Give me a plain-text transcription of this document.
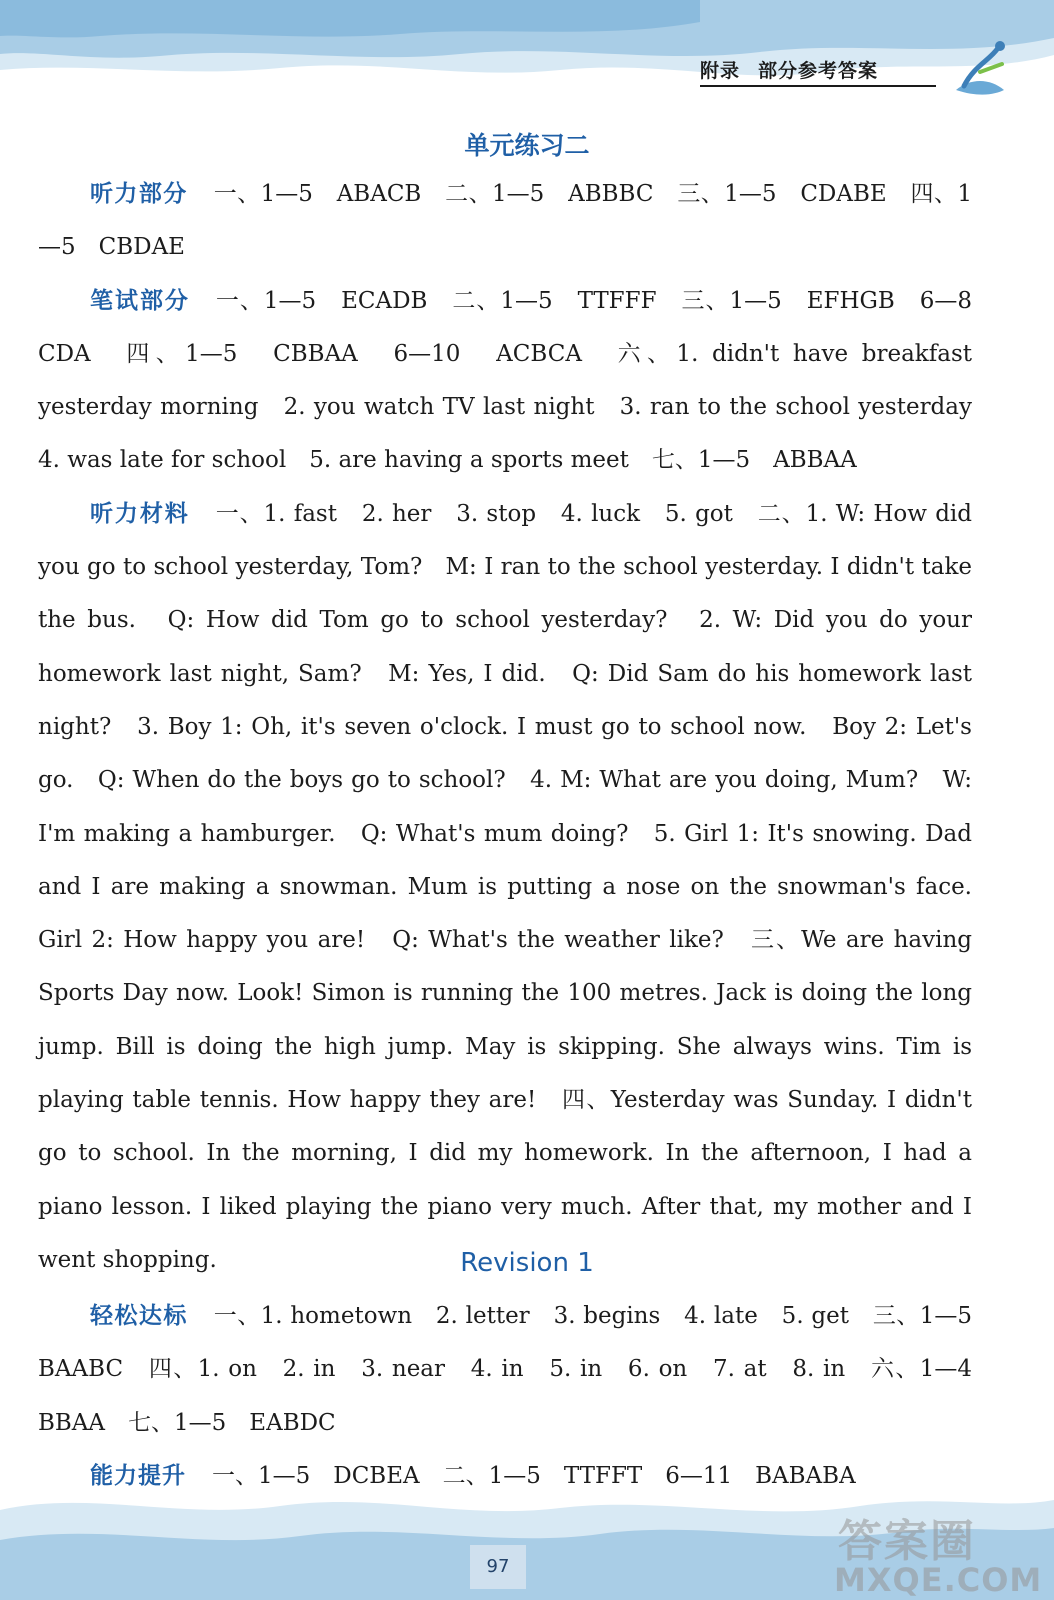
附录 部分参考答案
单元练习二

听力部分 一、1—5　ABACB　二、1—5　ABBBC　三、1—5　CDABE　四、1—5　CBDAE

笔试部分 一、1—5　ECADB　二、1—5　TTFFF　三、1—5　EFHGB　6—8　CDA　四、1—5　CBBAA　6—10　ACBCA　六、1. didn't have breakfast yesterday morning　2. you watch TV last night　3. ran to the school yesterday　4. was late for school　5. are having a sports meet　七、1—5　ABBAA

听力材料 一、1. fast　2. her　3. stop　4. luck　5. got　二、1. W: How did you go to school yesterday, Tom?　M: I ran to the school yesterday. I didn't take the bus.　Q: How did Tom go to school yesterday?　2. W: Did you do your homework last night, Sam?　M: Yes, I did.　Q: Did Sam do his homework last night?　3. Boy 1: Oh, it's seven o'clock. I must go to school now.　Boy 2: Let's go.　Q: When do the boys go to school?　4. M: What are you doing, Mum?　W: I'm making a hamburger.　Q: What's mum doing?　5. Girl 1: It's snowing. Dad and I are making a snowman. Mum is putting a nose on the snowman's face. Girl 2: How happy you are!　Q: What's the weather like?　三、We are having Sports Day now. Look! Simon is running the 100 metres. Jack is doing the long jump. Bill is doing the high jump. May is skipping. She always wins. Tim is playing table tennis. How happy they are!　四、Yesterday was Sunday. I didn't go to school. In the morning, I did my homework. In the afternoon, I had a piano lesson. I liked playing the piano very much. After that, my mother and I went shopping.	Revision 1

轻松达标 一、1. hometown　2. letter　3. begins　4. late　5. get　三、1—5　BAABC　四、1. on　2. in　3. near　4. in　5. in　6. on　7. at　8. in　六、1—4　BBAA　七、1—5　EABDC

能力提升 一、1—5　DCBEA　二、1—5　TTFFT　6—11　BABABA

97	答案圈
MXQE.COM
